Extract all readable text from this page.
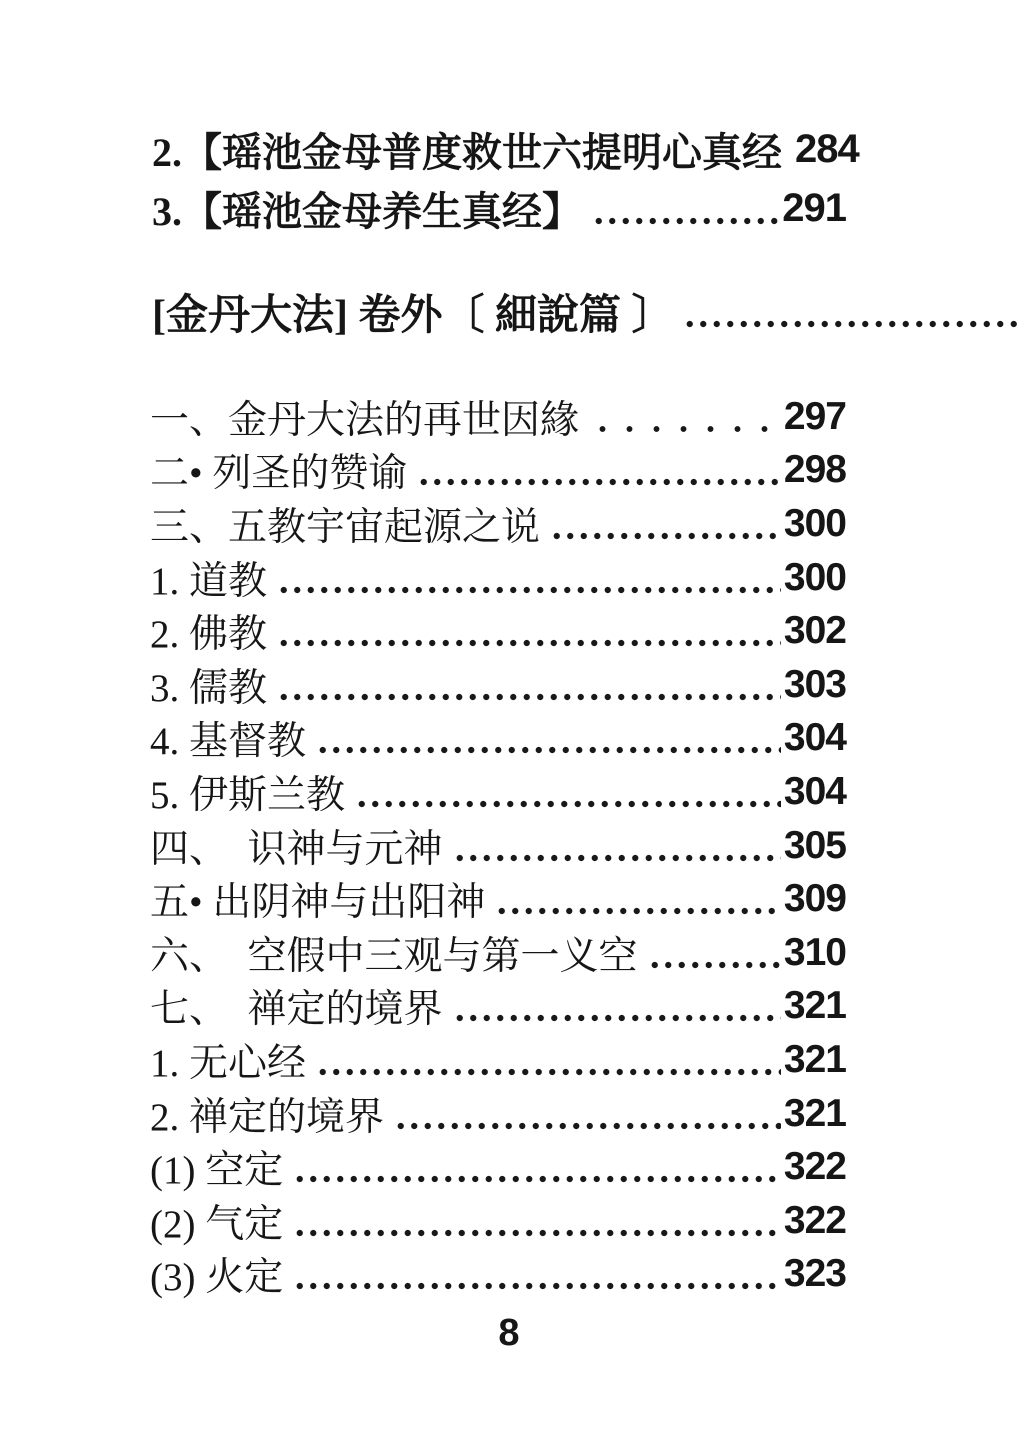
2.【瑶池金母普度救世六提明心真经 284
3.【瑶池金母养生真经】	291
[金丹大法] 卷外〔 細說篇 〕
一、金丹大法的再世因緣	297
二• 列圣的赞谕	298
三、五教宇宙起源之说	300
1. 道教	300
2. 佛教	302
3. 儒教	303
4. 基督教	304
5. 伊斯兰教	304
四、  识神与元神	305
五• 出阴神与出阳神	309
六、  空假中三观与第一义空	310
七、  禅定的境界	321
1. 无心经	321
2. 禅定的境界	321
(1) 空定	322
(2) 气定	322
(3) 火定	323
8
